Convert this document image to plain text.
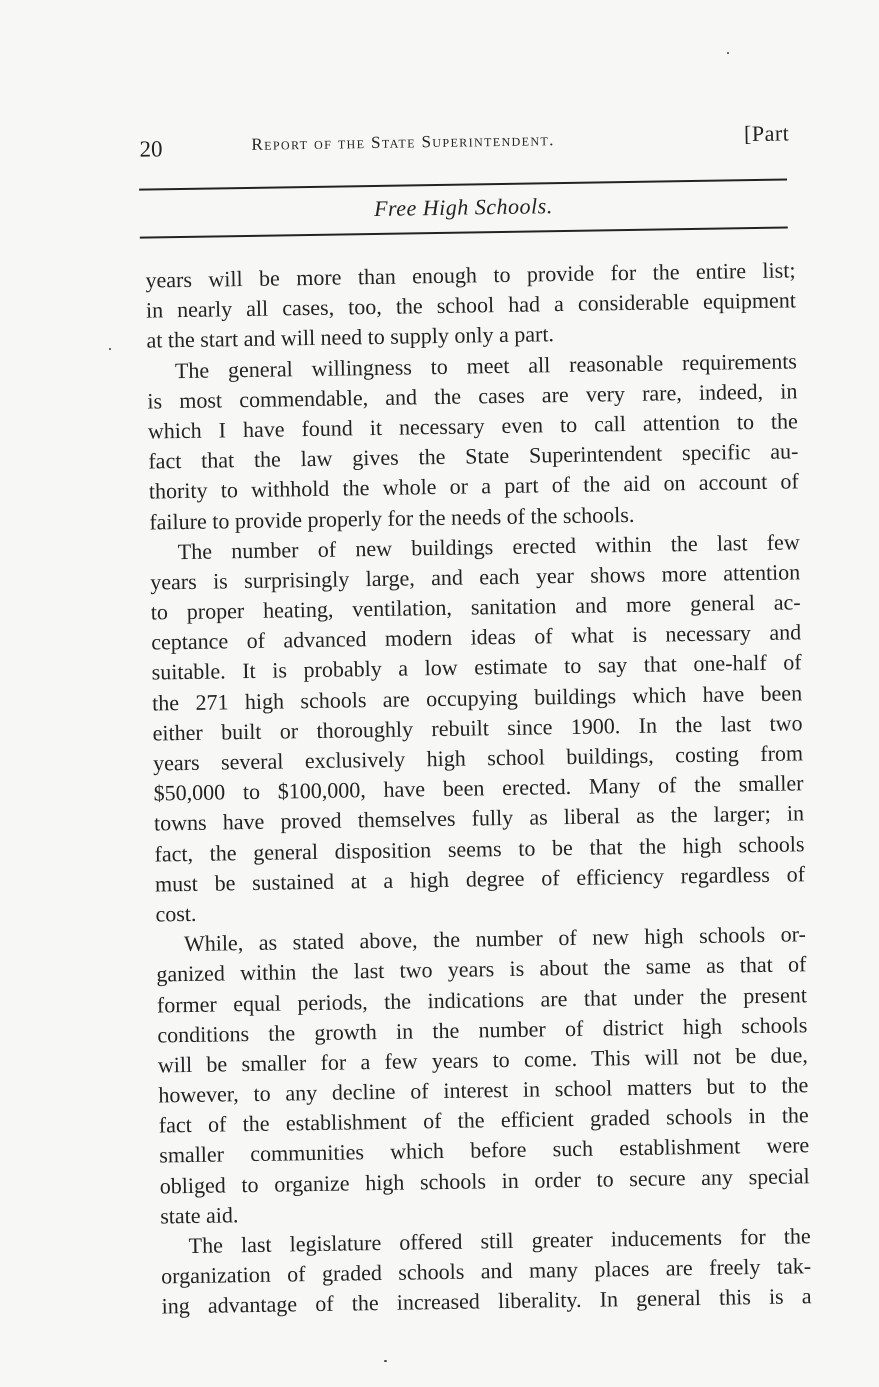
20	Report of the State Superintendent.	[Part
Free High Schools.
years will be more than enough to provide for the entire list;
in nearly all cases, too, the school had a considerable equipment
at the start and will need to supply only a part.
The general willingness to meet all reasonable requirements
is most commendable, and the cases are very rare, indeed, in
which I have found it necessary even to call attention to the
fact that the law gives the State Superintendent specific au-
thority to withhold the whole or a part of the aid on account of
failure to provide properly for the needs of the schools.
The number of new buildings erected within the last few
years is surprisingly large, and each year shows more attention
to proper heating, ventilation, sanitation and more general ac-
ceptance of advanced modern ideas of what is necessary and
suitable. It is probably a low estimate to say that one-half of
the 271 high schools are occupying buildings which have been
either built or thoroughly rebuilt since 1900. In the last two
years several exclusively high school buildings, costing from
$50,000 to $100,000, have been erected. Many of the smaller
towns have proved themselves fully as liberal as the larger; in
fact, the general disposition seems to be that the high schools
must be sustained at a high degree of efficiency regardless of
cost.
While, as stated above, the number of new high schools or-
ganized within the last two years is about the same as that of
former equal periods, the indications are that under the present
conditions the growth in the number of district high schools
will be smaller for a few years to come. This will not be due,
however, to any decline of interest in school matters but to the
fact of the establishment of the efficient graded schools in the
smaller communities which before such establishment were
obliged to organize high schools in order to secure any special
state aid.
The last legislature offered still greater inducements for the
organization of graded schools and many places are freely tak-
ing advantage of the increased liberality. In general this is a
